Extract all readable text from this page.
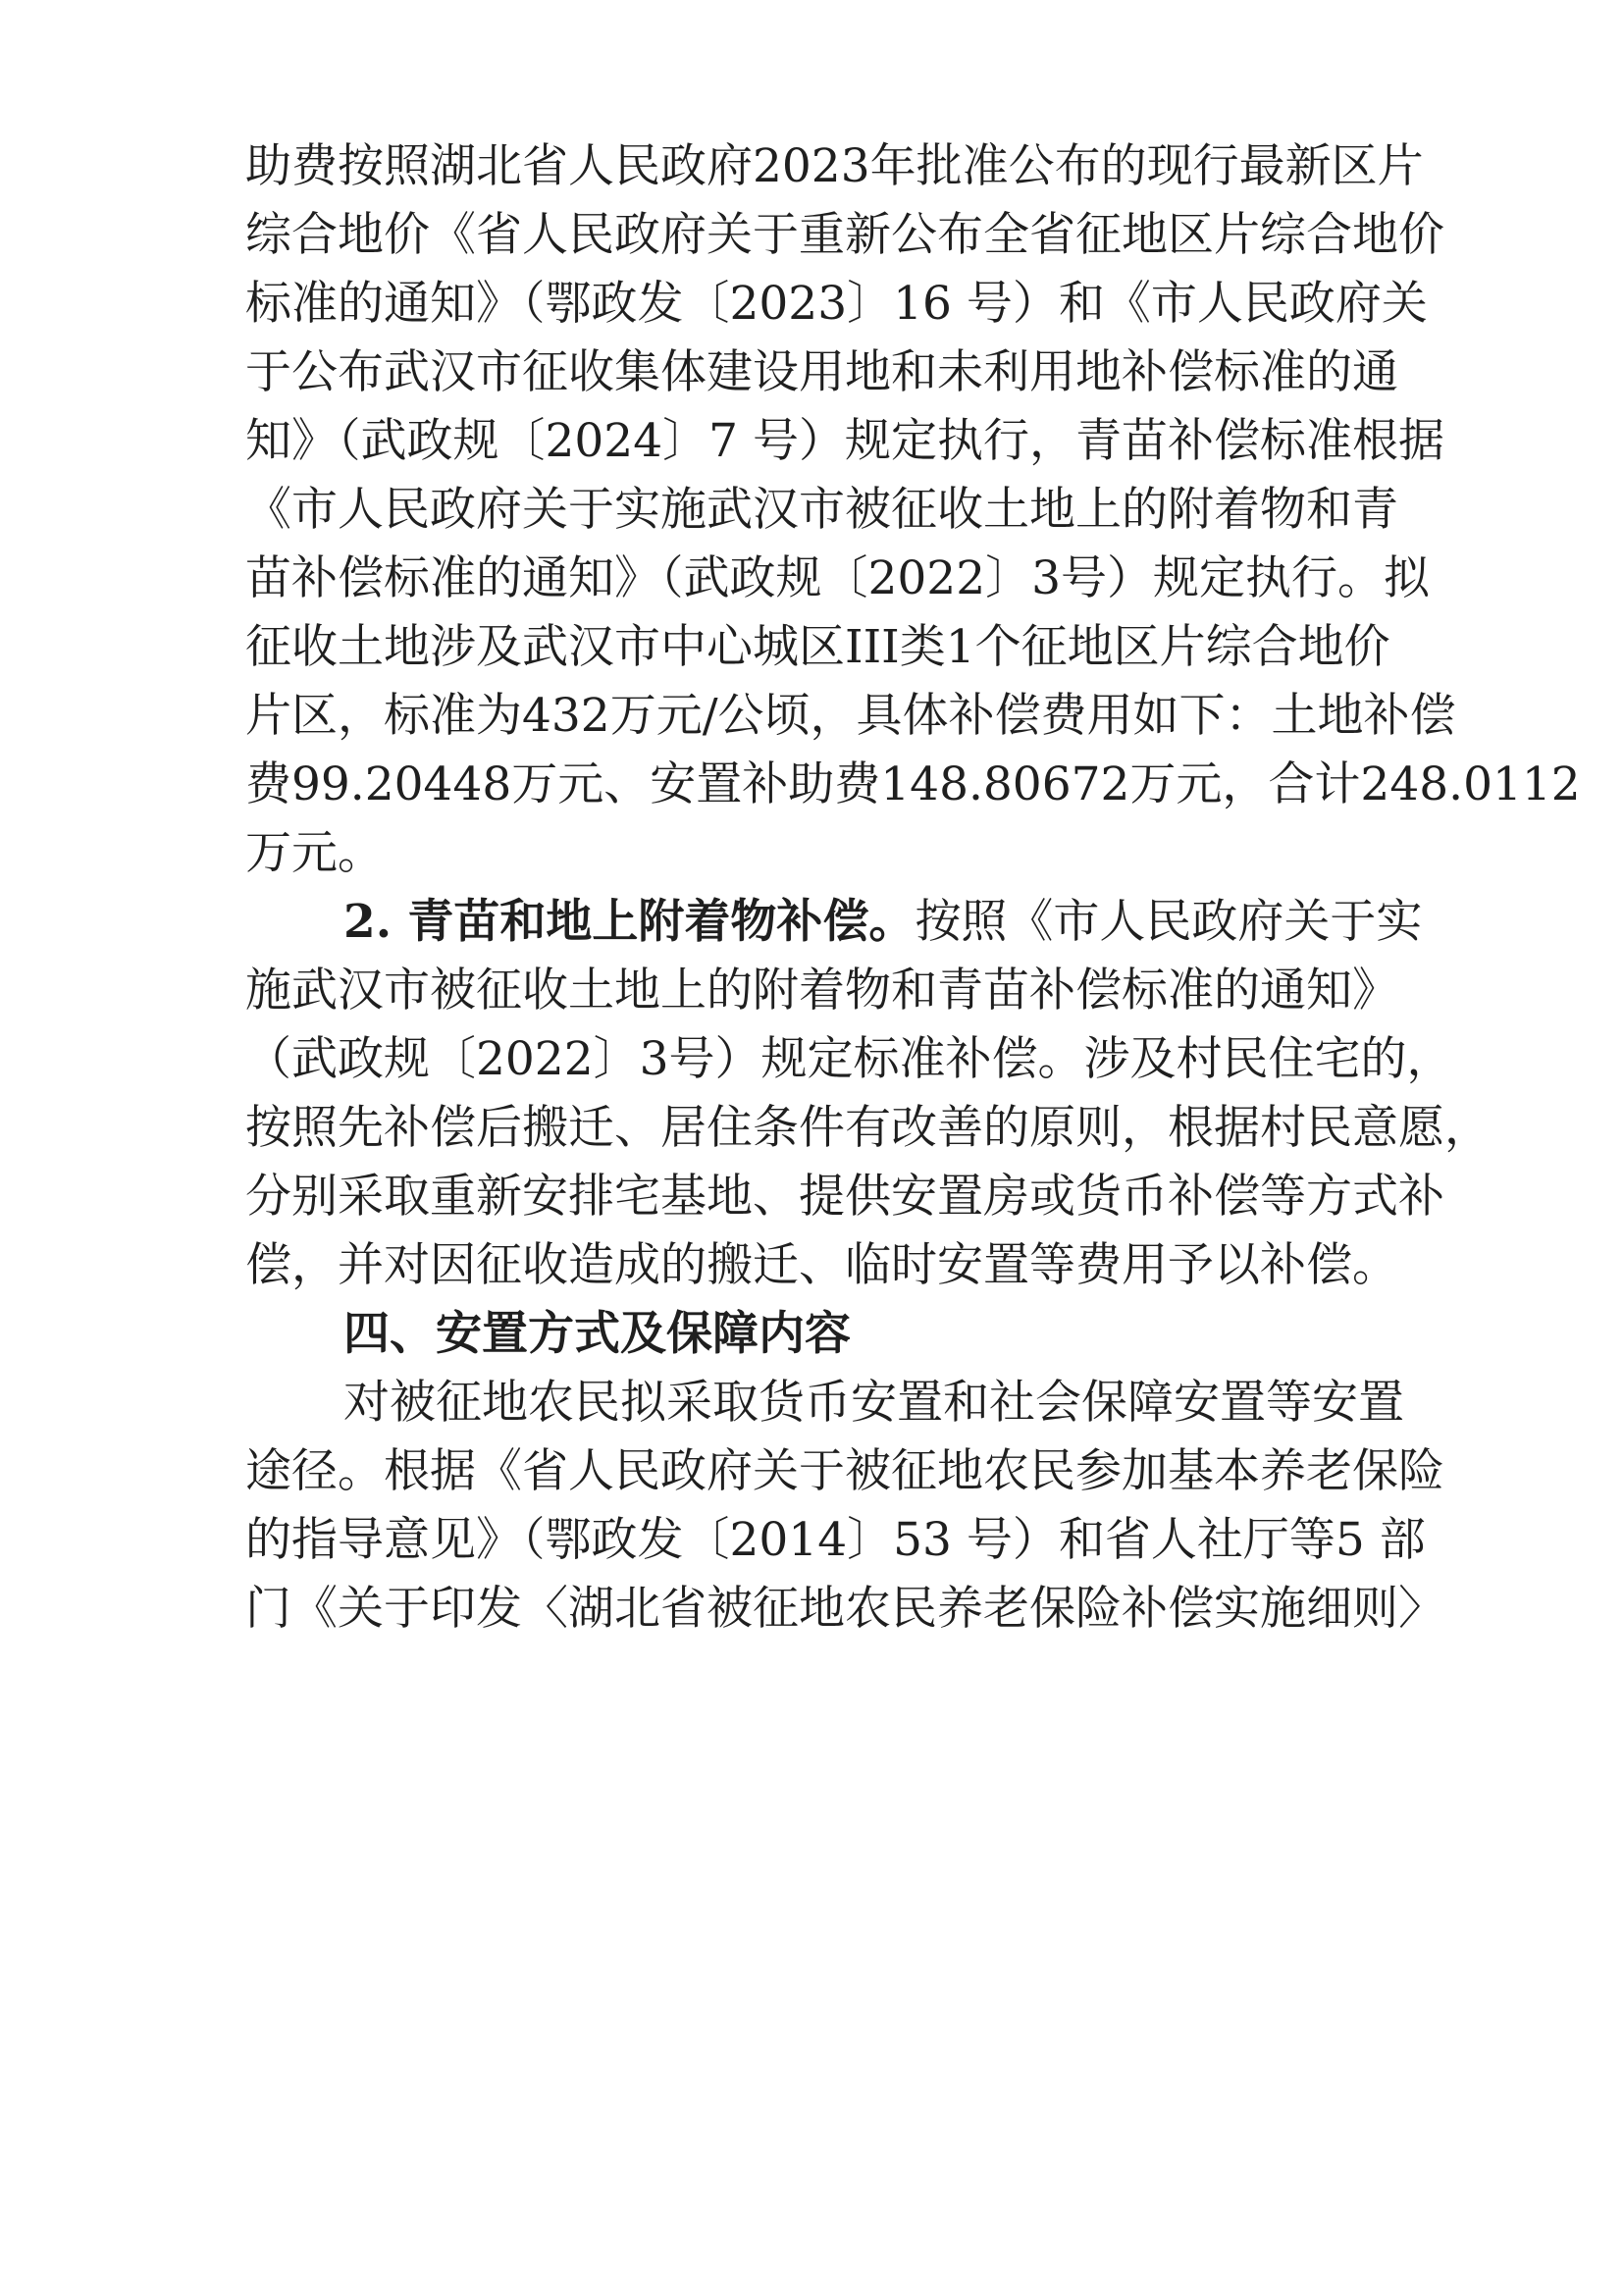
助费按照湖北省人民政府2023年批准公布的现行最新区片
综合地价《省人民政府关于重新公布全省征地区片综合地价
标准的通知》（鄂政发〔2023〕16 号）和《市人民政府关
于公布武汉市征收集体建设用地和未利用地补偿标准的通
知》（武政规〔2024〕7 号）规定执行，青苗补偿标准根据
《市人民政府关于实施武汉市被征收土地上的附着物和青
苗补偿标准的通知》（武政规〔2022〕3号）规定执行。拟
征收土地涉及武汉市中心城区III类1个征地区片综合地价
片区，标准为432万元/公顷，具体补偿费用如下：土地补偿
费99.20448万元、安置补助费148.80672万元，合计248.0112
万元。
2. 青苗和地上附着物补偿。 按照《市人民政府关于实
施武汉市被征收土地上的附着物和青苗补偿标准的通知》
（武政规〔2022〕3号）规定标准补偿。涉及村民住宅的，
按照先补偿后搬迁、居住条件有改善的原则，根据村民意愿，
分别采取重新安排宅基地、提供安置房或货币补偿等方式补
偿，并对因征收造成的搬迁、临时安置等费用予以补偿。
四、安置方式及保障内容
对被征地农民拟采取货币安置和社会保障安置等安置
途径。根据《省人民政府关于被征地农民参加基本养老保险
的指导意见》（鄂政发〔2014〕53 号）和省人社厅等5 部
门《关于印发〈湖北省被征地农民养老保险补偿实施细则〉
